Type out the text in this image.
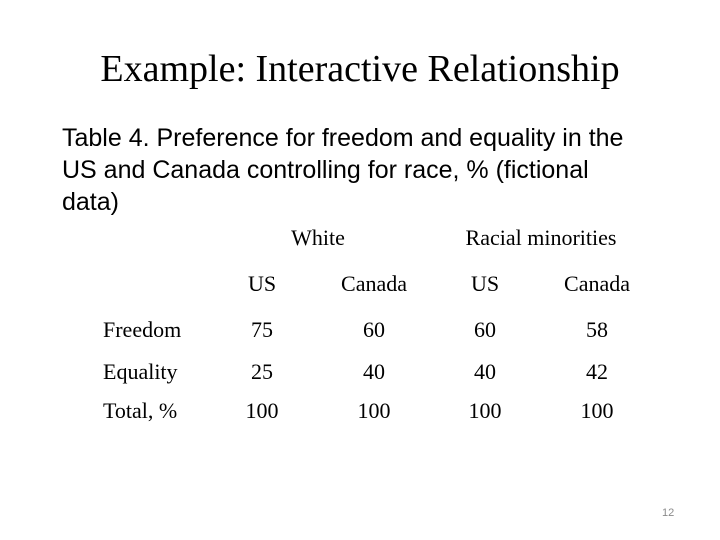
Example: Interactive Relationship
Table 4. Preference for freedom and equality in the
US and Canada controlling for race, % (fictional
data)
White	Racial minorities
US	Canada	US	Canada
Freedom	75	60	60	58
Equality	25	40	40	42
Total, %	100	100	100	100
12
